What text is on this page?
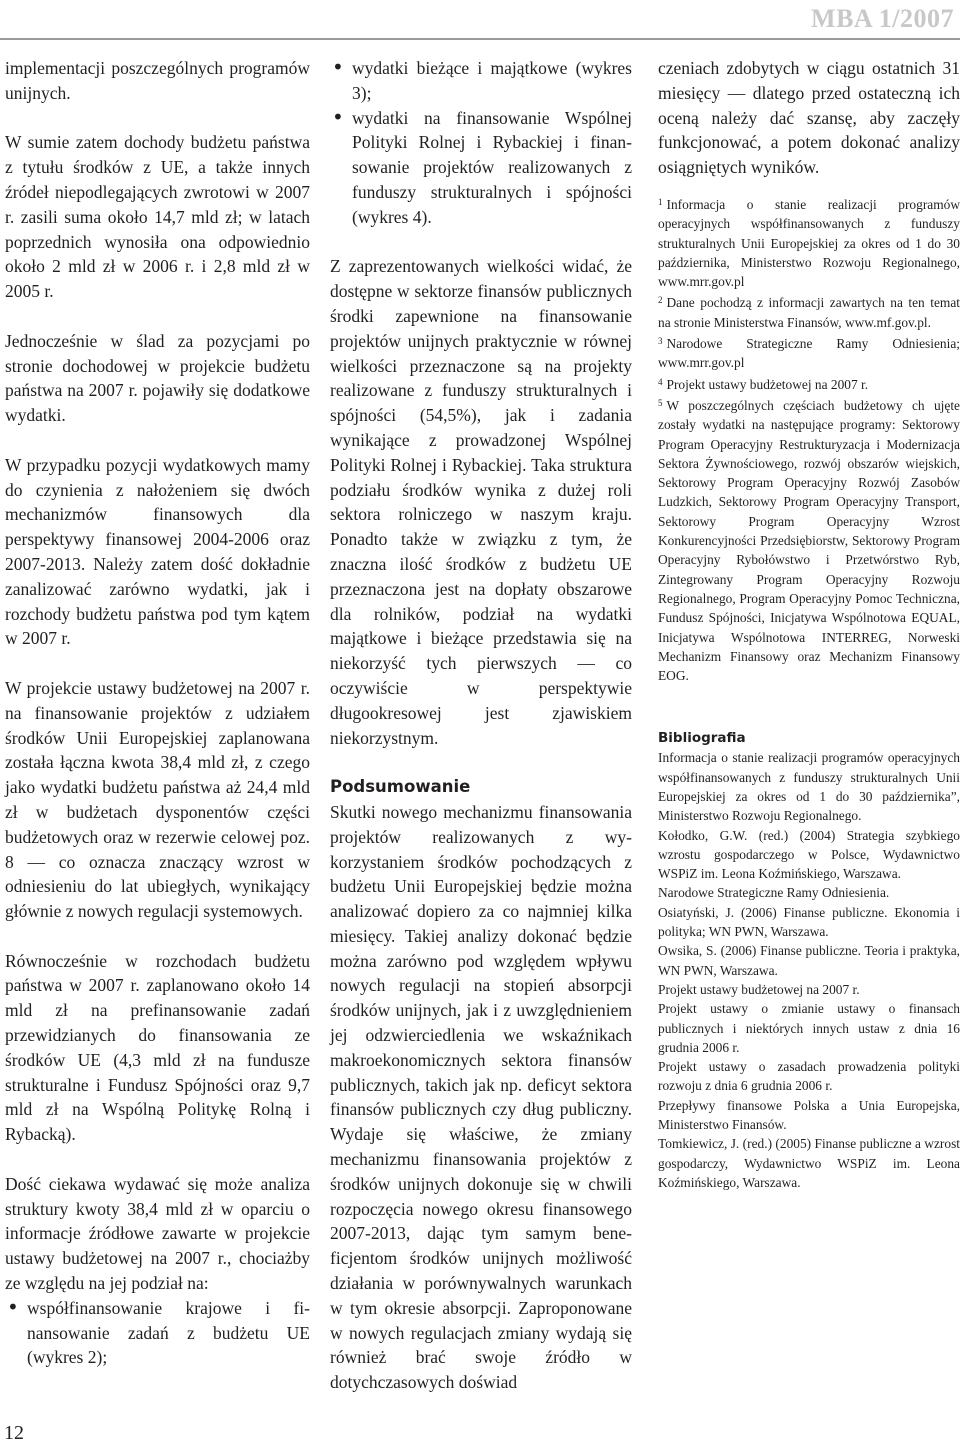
MBA 1/2007

implementacji poszczególnych programów unijnych.

W sumie zatem dochody budżetu państwa z tytułu środków z UE, a także innych źródeł niepodlegających zwrotowi w 2007 r. zasili suma około 14,7 mld zł; w latach poprzednich wynosiła ona odpowiednio około 2 mld zł w 2006 r. i 2,8 mld zł w 2005 r.

Jednocześnie w ślad za pozycjami po stronie dochodowej w projekcie budżetu państwa na 2007 r. pojawiły się dodatkowe wydatki.

W przypadku pozycji wydatkowych mamy do czynienia z nałożeniem się dwóch mechanizmów finansowych dla perspektywy finansowej 2004-2006 oraz 2007-2013. Należy zatem dość dokładnie zanalizować zarówno wydatki, jak i rozchody budżetu państwa pod tym kątem w 2007 r.

W projekcie ustawy budżetowej na 2007 r. na finansowanie projektów z udziałem środków Unii Europejskiej zaplanowana została łączna kwota 38,4 mld zł, z czego jako wydatki budżetu państwa aż 24,4 mld zł w budżetach dysponentów części budżetowych oraz w rezerwie celowej poz. 8 — co oznacza znaczący wzrost w odniesieniu do lat ubiegłych, wynikający głównie z nowych regulacji systemowych.

Równocześnie w rozchodach budżetu państwa w 2007 r. zaplanowano około 14 mld zł na prefinansowanie zadań przewidzianych do finansowania ze środków UE (4,3 mld zł na fundusze strukturalne i Fundusz Spójności oraz 9,7 mld zł na Wspólną Politykę Rolną i Rybacką).

Dość ciekawa wydawać się może analiza struktury kwoty 38,4 mld zł w oparciu o informacje źródłowe zawarte w projekcie ustawy budżetowej na 2007 r., chociażby ze względu na jej podział na:

• współfinansowanie krajowe i finansowanie zadań z budżetu UE (wykres 2);
• wydatki bieżące i majątkowe (wykres 3);
• wydatki na finansowanie Wspólnej Polityki Rolnej i Rybackiej i finansowanie projektów realizowanych z funduszy strukturalnych i spójności (wykres 4).

Z zaprezentowanych wielkości widać, że dostępne w sektorze finansów publicznych środki zapewnione na finansowanie projektów unijnych praktycznie w równej wielkości przeznaczone są na projekty realizowane z funduszy strukturalnych i spójności (54,5%), jak i zadania wynikające z prowadzonej Wspólnej Polityki Rolnej i Rybackiej. Taka struktura podziału środków wynika z dużej roli sektora rolniczego w naszym kraju. Ponadto także w związku z tym, że znaczna ilość środków z budżetu UE przeznaczona jest na dopłaty obszarowe dla rolników, podział na wydatki majątkowe i bieżące przedstawia się na niekorzyść tych pierwszych — co oczywiście w perspektywie długookresowej jest zjawiskiem niekorzystnym.

Podsumowanie

Skutki nowego mechanizmu finansowania projektów realizowanych z wykorzystaniem środków pochodzących z budżetu Unii Europejskiej będzie można analizować dopiero za co najmniej kilka miesięcy. Takiej analizy dokonać będzie można zarówno pod względem wpływu nowych regulacji na stopień absorpcji środków unijnych, jak i z uwzględnieniem jej odzwierciedlenia we wskaźnikach makroekonomicznych sektora finansów publicznych, takich jak np. deficyt sektora finansów publicznych czy dług publiczny. Wydaje się właściwe, że zmiany mechanizmu finansowania projektów z środków unijnych dokonuje się w chwili rozpoczęcia nowego okresu finansowego 2007-2013, dając tym samym beneficjentom środków unijnych możliwość działania w porównywalnych warunkach w tym okresie absorpcji. Zaproponowane w nowych regulacjach zmiany wydają się również brać swoje źródło w dotychczasowych doświad

czeniach zdobytych w ciągu ostatnich 31 miesięcy — dlatego przed ostateczną ich oceną należy dać szansę, aby zaczęły funkcjonować, a potem dokonać analizy osiągniętych wyników.

$^1$ Informacja o stanie realizacji programów operacyjnych współfinansowanych z funduszy strukturalnych Unii Europejskiej za okres od 1 do 30 października, Ministerstwo Rozwoju Regionalnego, www.mrr.gov.pl

$^2$ Dane pochodzą z informacji zawartych na ten temat na stronie Ministerstwa Finansów, www.mf.gov.pl.

$^3$ Narodowe Strategiczne Ramy Odniesienia; www.mrr.gov.pl

$^4$ Projekt ustawy budżetowej na 2007 r.

$^5$ W poszczególnych częściach budżetowy ch ujęte zostały wydatki na następujące programy: Sektorowy Program Operacyjny Restrukturyzacja i Modernizacja Sektora Żywnościowego, rozwój obszarów wiejskich, Sektorowy Program Operacyjny Rozwój Zasobów Ludzkich, Sektorowy Program Operacyjny Transport, Sektorowy Program Operacyjny Wzrost Konkurencyjności Przedsiębiorstw, Sektorowy Program Operacyjny Rybołówstwo i Przetwórstwo Ryb, Zintegrowany Program Operacyjny Rozwoju Regionalnego, Program Operacyjny Pomoc Techniczna, Fundusz Spójności, Inicjatywa Wspólnotowa EQUAL, Inicjatywa Wspólnotowa INTERREG, Norweski Mechanizm Finansowy oraz Mechanizm Finansowy EOG.

Bibliografia

Informacja o stanie realizacji programów operacyjnych współfinansowanych z funduszy strukturalnych Unii Europejskiej za okres od 1 do 30 października”, Ministerstwo Rozwoju Regionalnego.

Kołodko, G.W. (red.) (2004) Strategia szybkiego wzrostu gospodarczego w Polsce, Wydawnictwo WSPiZ im. Leona Koźmińskiego, Warszawa.

Narodowe Strategiczne Ramy Odniesienia.

Osiatyński, J. (2006) Finanse publiczne. Ekonomia i polityka; WN PWN, Warszawa.

Owsika, S. (2006) Finanse publiczne. Teoria i praktyka, WN PWN, Warszawa.

Projekt ustawy budżetowej na 2007 r.

Projekt ustawy o zmianie ustawy o finansach publicznych i niektórych innych ustaw z dnia 16 grudnia 2006 r.

Projekt ustawy o zasadach prowadzenia polityki rozwoju z dnia 6 grudnia 2006 r.

Przepływy finansowe Polska a Unia Europejska, Ministerstwo Finansów.

Tomkiewicz, J. (red.) (2005) Finanse publiczne a wzrost gospodarczy, Wydawnictwo WSPiZ im. Leona Koźmińskiego, Warszawa.

12
